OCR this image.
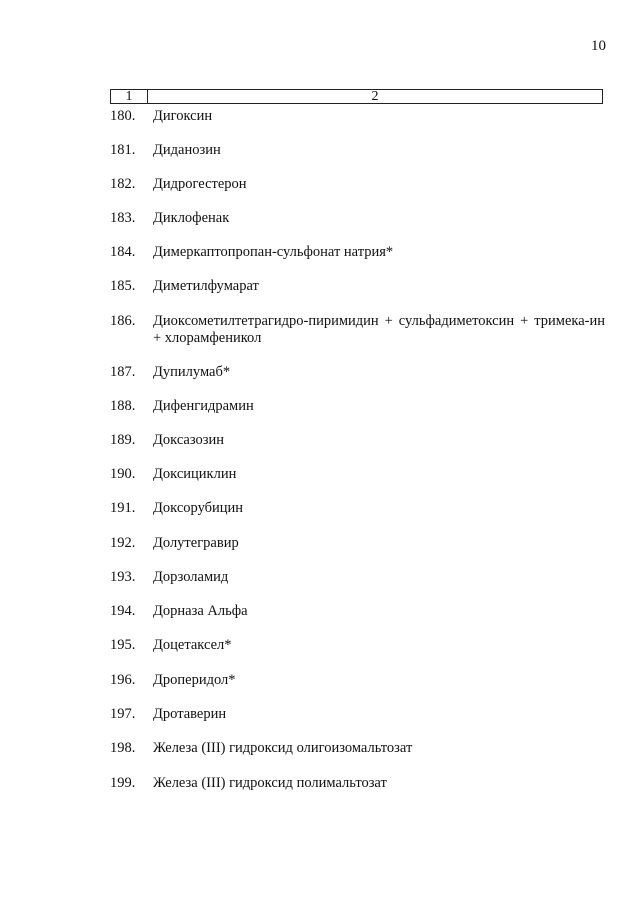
10
1	2
180.	Дигоксин
181.	Диданозин
182.	Дидрогестерон
183.	Диклофенак
184.	Димеркаптопропан-сульфонат натрия*
185.	Диметилфумарат
186.	Диоксометилтетрагидро-пиримидин + сульфадиметоксин + тримека-ин + хлорамфеникол
187.	Дупилумаб*
188.	Дифенгидрамин
189.	Доксазозин
190.	Доксициклин
191.	Доксорубицин
192.	Долутегравир
193.	Дорзоламид
194.	Дорназа Альфа
195.	Доцетаксел*
196.	Дроперидол*
197.	Дротаверин
198.	Железа (III) гидроксид олигоизомальтозат
199.	Железа (III) гидроксид полимальтозат
